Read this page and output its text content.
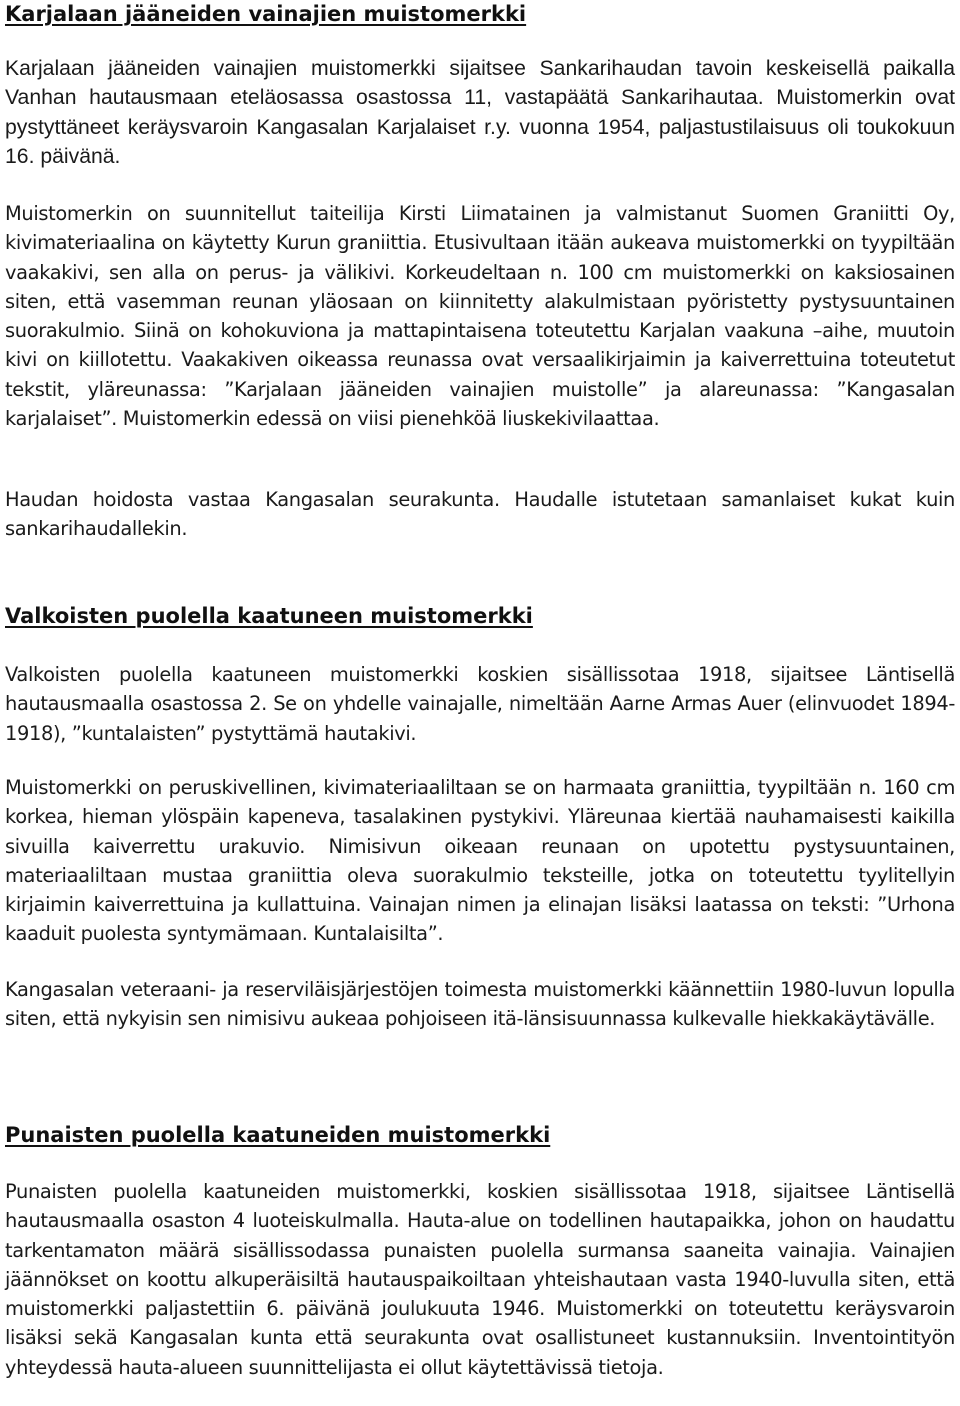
Karjalaan jääneiden vainajien muistomerkki

Karjalaan jääneiden vainajien muistomerkki sijaitsee Sankarihaudan tavoin keskeisellä paikalla Vanhan hautausmaan eteläosassa osastossa 11, vastapäätä Sankarihautaa. Muistomerkin ovat pystyttäneet keräysvaroin Kangasalan Karjalaiset r.y. vuonna 1954, paljastustilaisuus oli toukokuun 16. päivänä.

Muistomerkin on suunnitellut taiteilija Kirsti Liimatainen ja valmistanut Suomen Graniitti Oy, kivimateriaalina on käytetty Kurun graniittia. Etusivultaan itään aukeava muistomerkki on tyypiltään vaakakivi, sen alla on perus- ja välikivi. Korkeudeltaan n. 100 cm muistomerkki on kaksiosainen siten, että vasemman reunan yläosaan on kiinnitetty alakulmistaan pyöristetty pystysuuntainen suorakulmio. Siinä on kohokuviona ja mattapintaisena toteutettu Karjalan vaakuna –aihe, muutoin kivi on kiillotettu. Vaakakiven oikeassa reunassa ovat versaalikirjaimin ja kaiverrettuina toteutetut tekstit, yläreunassa: ”Karjalaan jääneiden vainajien muistolle” ja alareunassa: ”Kangasalan karjalaiset”. Muistomerkin edessä on viisi pienehköä liuskekivilaattaa.

Haudan hoidosta vastaa Kangasalan seurakunta. Haudalle istutetaan samanlaiset kukat kuin sankarihaudallekin.

Valkoisten puolella kaatuneen muistomerkki

Valkoisten puolella kaatuneen muistomerkki koskien sisällissotaa 1918, sijaitsee Läntisellä hautausmaalla osastossa 2. Se on yhdelle vainajalle, nimeltään Aarne Armas Auer (elinvuodet 1894-1918), ”kuntalaisten” pystyttämä hautakivi.

Muistomerkki on peruskivellinen, kivimateriaaliltaan se on harmaata graniittia, tyypiltään n. 160 cm korkea, hieman ylöspäin kapeneva, tasalakinen pystykivi. Yläreunaa kiertää nauhamaisesti kaikilla sivuilla kaiverrettu urakuvio. Nimisivun oikeaan reunaan on upotettu pystysuuntainen, materiaaliltaan mustaa graniittia oleva suorakulmio teksteille, jotka on toteutettu tyylitellyin kirjaimin kaiverrettuina ja kullattuina. Vainajan nimen ja elinajan lisäksi laatassa on teksti: ”Urhona kaaduit puolesta syntymämaan. Kuntalaisilta”.

Kangasalan veteraani- ja reserviläisjärjestöjen toimesta muistomerkki käännettiin 1980-luvun lopulla siten, että nykyisin sen nimisivu aukeaa pohjoiseen itä-länsisuunnassa kulkevalle hiekkakäytävälle.

Punaisten puolella kaatuneiden muistomerkki

Punaisten puolella kaatuneiden muistomerkki, koskien sisällissotaa 1918, sijaitsee Läntisellä hautausmaalla osaston 4 luoteiskulmalla. Hauta-alue on todellinen hautapaikka, johon on haudattu tarkentamaton määrä sisällissodassa punaisten puolella surmansa saaneita vainajia. Vainajien jäännökset on koottu alkuperäisiltä hautauspaikoiltaan yhteishautaan vasta 1940-luvulla siten, että muistomerkki paljastettiin 6. päivänä joulukuuta 1946. Muistomerkki on toteutettu keräysvaroin lisäksi sekä Kangasalan kunta että seurakunta ovat osallistuneet kustannuksiin. Inventointityön yhteydessä hauta-alueen suunnittelijasta ei ollut käytettävissä tietoja.
